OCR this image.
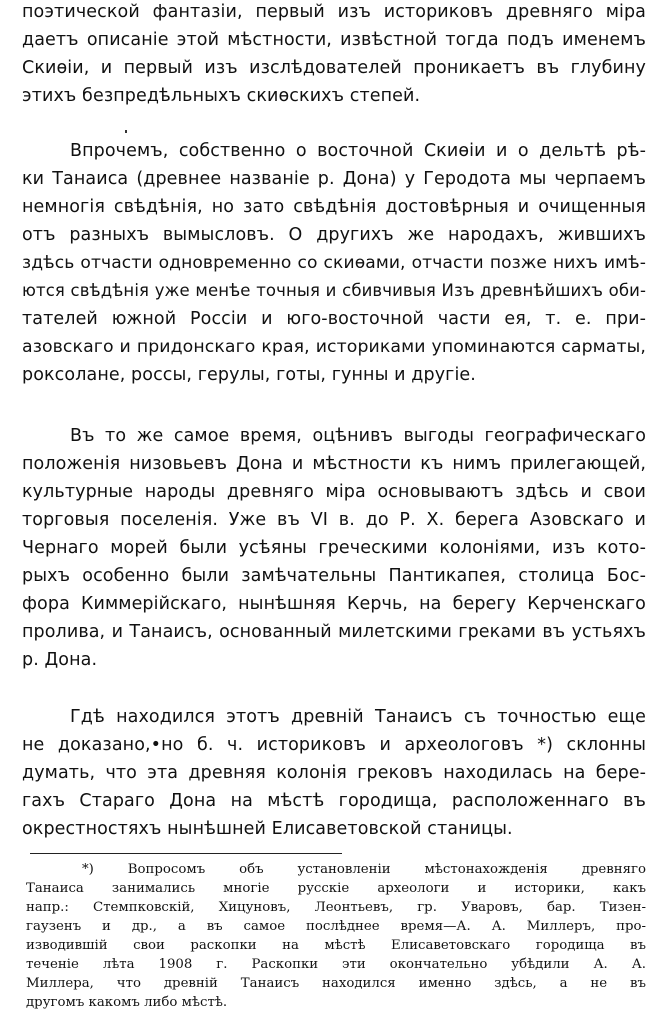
поэтической фантазіи, первый изъ историковъ древняго міра
даетъ описаніе этой мѣстности, извѣстной тогда подъ именемъ
Скиѳіи, и первый изъ изслѣдователей проникаетъ въ глубину
этихъ безпредѣльныхъ скиѳскихъ степей.
Впрочемъ, собственно о восточной Скиѳіи и о дельтѣ рѣ-
ки Танаиса (древнее названіе р. Дона) у Геродота мы черпаемъ
немногія свѣдѣнія, но зато свѣдѣнія достовѣрныя и очищенныя
отъ разныхъ вымысловъ. О другихъ же народахъ, жившихъ
здѣсь отчасти одновременно со скиѳами, отчасти позже нихъ имѣ-
ются свѣдѣнія уже менѣе точныя и сбивчивыя Изъ древнѣйшихъ оби-
тателей южной Россіи и юго-восточной части ея, т. е. при-
азовскаго и придонскаго края, историками упоминаются сарматы,
роксолане, россы, герулы, готы, гунны и другіе.
Въ то же самое время, оцѣнивъ выгоды географическаго
положенія низовьевъ Дона и мѣстности къ нимъ прилегающей,
культурные народы древняго міра основываютъ здѣсь и свои
торговыя поселенія. Уже въ VI в. до Р. Х. берега Азовскаго и
Чернаго морей были усѣяны греческими колоніями, изъ кото-
рыхъ особенно были замѣчательны Пантикапея, столица Бос-
фора Киммерійскаго, нынѣшняя Керчь, на берегу Керченскаго
пролива, и Танаисъ, основанный милетскими греками въ устьяхъ
р. Дона.
Гдѣ находился этотъ древній Танаисъ съ точностью еще
не доказано,•но б. ч. историковъ и археологовъ *) склонны
думать, что эта древняя колонія грековъ находилась на бере-
гахъ Стараго Дона на мѣстѣ городища, расположеннаго въ
окрестностяхъ нынѣшней Елисаветовской станицы.
*) Вопросомъ объ установленіи мѣстонахожденія древняго
Танаиса занимались многіе русскіе археологи и историки, какъ
напр.: Стемпковскій, Хицуновъ, Леонтьевъ, гр. Уваровъ, бар. Тизен-
гаузенъ и др., а въ самое послѣднее время—А. А. Миллеръ, про-
изводившій свои раскопки на мѣстѣ Елисаветовскаго городища въ
теченіе лѣта 1908 г. Раскопки эти окончательно убѣдили А. А.
Миллера, что древній Танаисъ находился именно здѣсь, а не въ
другомъ какомъ либо мѣстѣ.
